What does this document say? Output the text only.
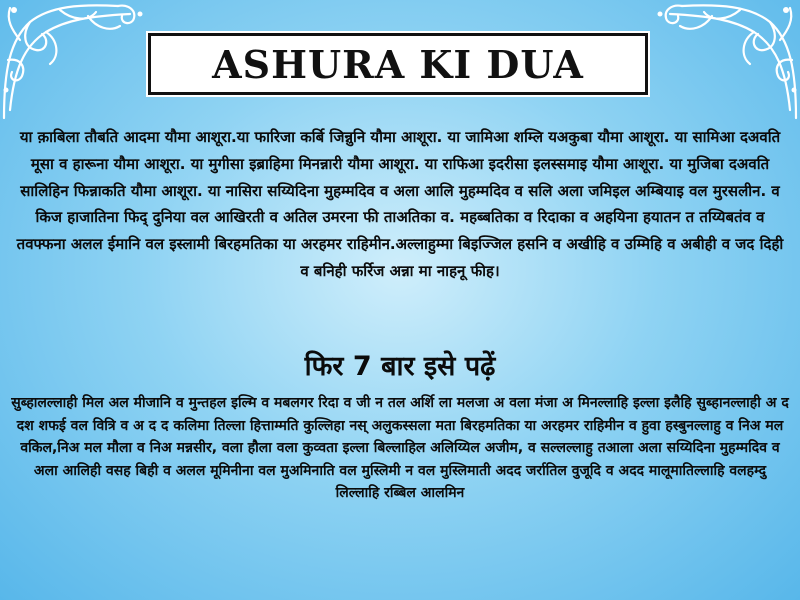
ASHURA KI DUA

या क़ाबिला तौबति आदमा यौमा आशूरा.या फारिजा कर्बि जिन्नुनि यौमा आशूरा. या जामिआ शम्लि यअकुबा यौमा आशूरा. या सामिआ दअवति मूसा व हारूना यौमा आशूरा. या मुगीसा इब्राहिमा मिनन्नारी यौमा आशूरा. या राफिआ इदरीसा इलस्समाइ यौमा आशूरा. या मुजिबा दअवति सालिहिन फिन्नाकति यौमा आशूरा. या नासिरा सय्यिदिना मुहम्मदिव व अला आलि मुहम्मदिव व सलि अला जमिइल अम्बियाइ वल मुरसलीन. व किज हाजातिना फिद् दुनिया वल आखिरती व अतिल उमरना फी ताअतिका व. महब्बतिका व रिदाका व अहयिना हयातन त तय्यिबतंव व तवफ्फना अलल ईमानि वल इस्लामी बिरहमतिका या अरहमर राहिमीन.अल्लाहुम्मा बिइज्जिल हसनि व अखीहि व उम्मिहि व अबीही व जद दिही व बनिही फर्रिज अन्ना मा नाहनू फीह।

फिर 7 बार इसे पढ़ें

सुब्हालल्लाही मिल अल मीजानि व मुन्तहल इल्मि व मबलगर रिदा व जी न तल अर्शि ला मलजा अ वला मंजा अ मिनल्लाहि इल्ला इलैहि सुब्हानल्लाही अ द दश शफई वल वित्रि व अ द द कलिमा तिल्ला हित्ताम्मति कुल्लिहा नस् अलुकस्सला मता बिरहमतिका या अरहमर राहिमीन व हुवा हस्बुनल्लाहु व निअ मल वकिल,निअ मल मौला व निअ मन्नसीर, वला हौला वला कुव्वता इल्ला बिल्लाहिल अलिय्यिल अजीम, व सल्लल्लाहु तआला अला सय्यिदिना मुहम्मदिव व अला आलिही वसह बिही व अलल मूमिनीना वल मुअमिनाति वल मुस्लिमी न वल मुस्लिमाती अदद जर्रातिल वुजूदि व अदद मालूमातिल्लाहि वलहम्दु लिल्लाहि रब्बिल आलमिन
